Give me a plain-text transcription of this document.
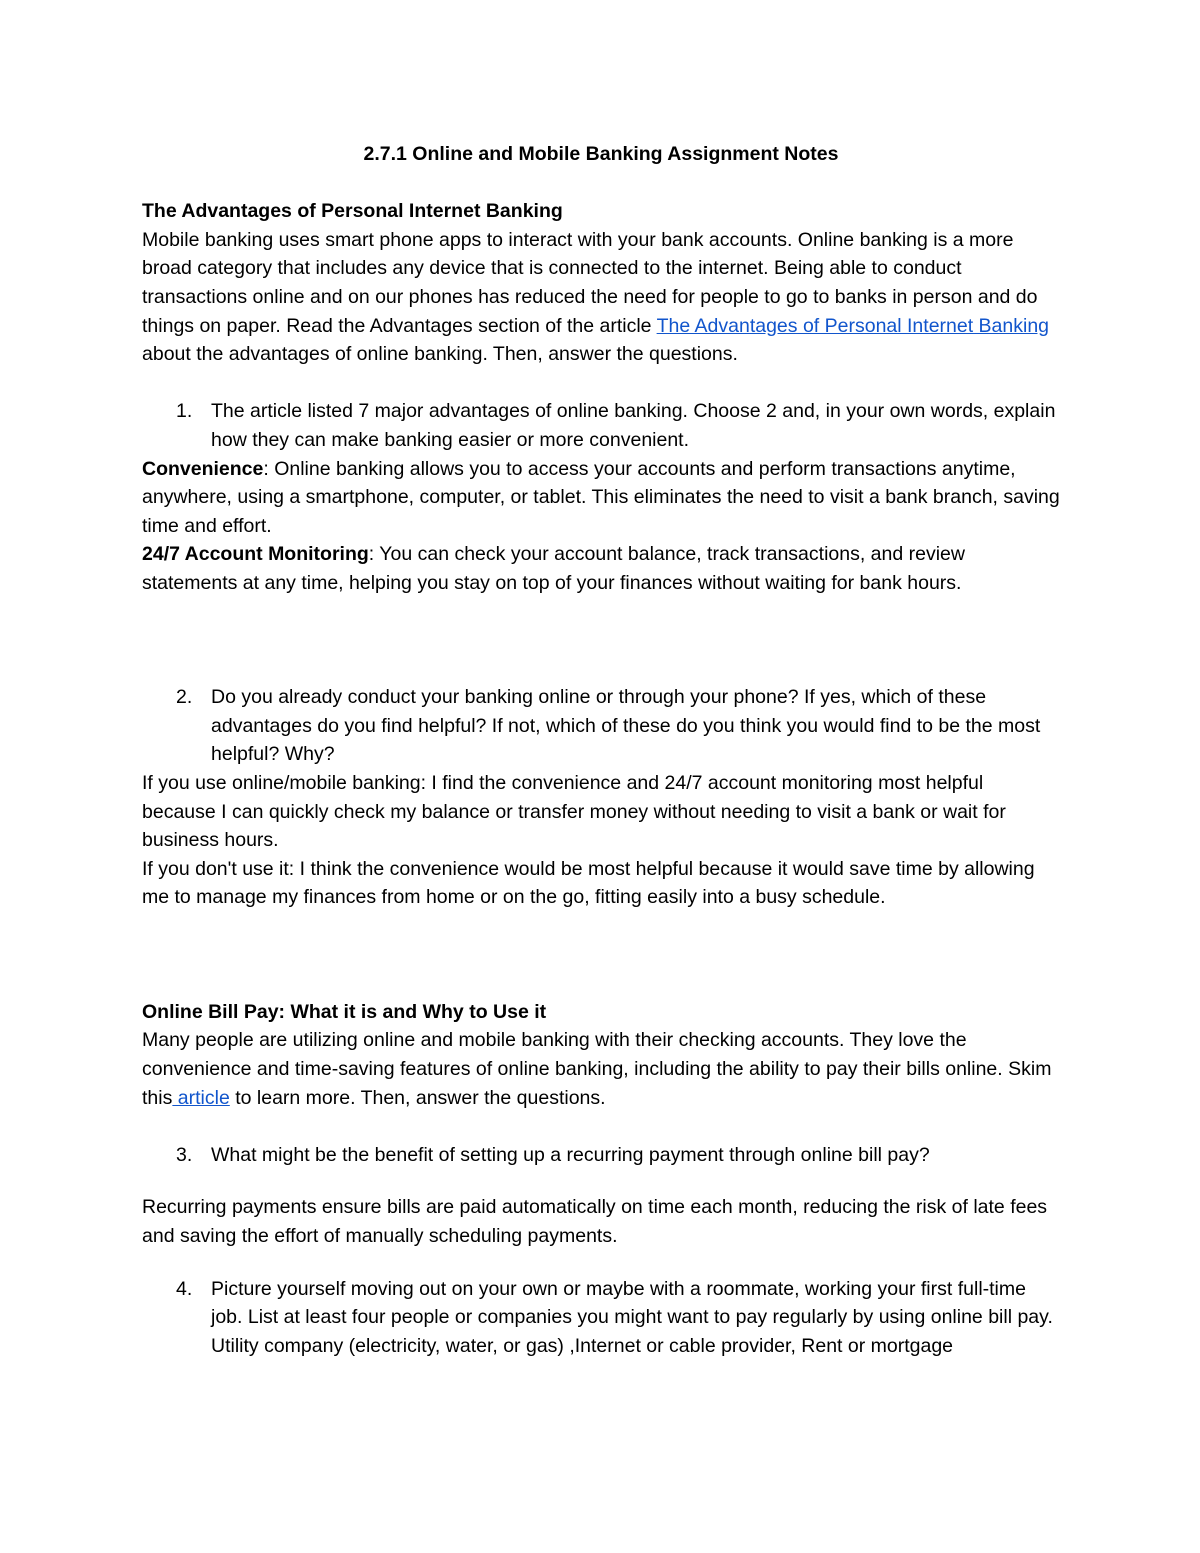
2.7.1 Online and Mobile Banking Assignment Notes

The Advantages of Personal Internet Banking

Mobile banking uses smart phone apps to interact with your bank accounts. Online banking is a more broad category that includes any device that is connected to the internet. Being able to conduct transactions online and on our phones has reduced the need for people to go to banks in person and do things on paper. Read the Advantages section of the article The Advantages of Personal Internet Banking about the advantages of online banking. Then, answer the questions.

1. The article listed 7 major advantages of online banking. Choose 2 and, in your own words, explain how they can make banking easier or more convenient.

Convenience: Online banking allows you to access your accounts and perform transactions anytime, anywhere, using a smartphone, computer, or tablet. This eliminates the need to visit a bank branch, saving time and effort.

24/7 Account Monitoring: You can check your account balance, track transactions, and review statements at any time, helping you stay on top of your finances without waiting for bank hours.

2. Do you already conduct your banking online or through your phone? If yes, which of these advantages do you find helpful? If not, which of these do you think you would find to be the most helpful? Why?

If you use online/mobile banking: I find the convenience and 24/7 account monitoring most helpful because I can quickly check my balance or transfer money without needing to visit a bank or wait for business hours.

If you don't use it: I think the convenience would be most helpful because it would save time by allowing me to manage my finances from home or on the go, fitting easily into a busy schedule.

Online Bill Pay: What it is and Why to Use it

Many people are utilizing online and mobile banking with their checking accounts. They love the convenience and time-saving features of online banking, including the ability to pay their bills online. Skim this article to learn more. Then, answer the questions.

3. What might be the benefit of setting up a recurring payment through online bill pay?

Recurring payments ensure bills are paid automatically on time each month, reducing the risk of late fees and saving the effort of manually scheduling payments.

4. Picture yourself moving out on your own or maybe with a roommate, working your first full-time job. List at least four people or companies you might want to pay regularly by using online bill pay.
Utility company (electricity, water, or gas) ,Internet or cable provider, Rent or mortgage
